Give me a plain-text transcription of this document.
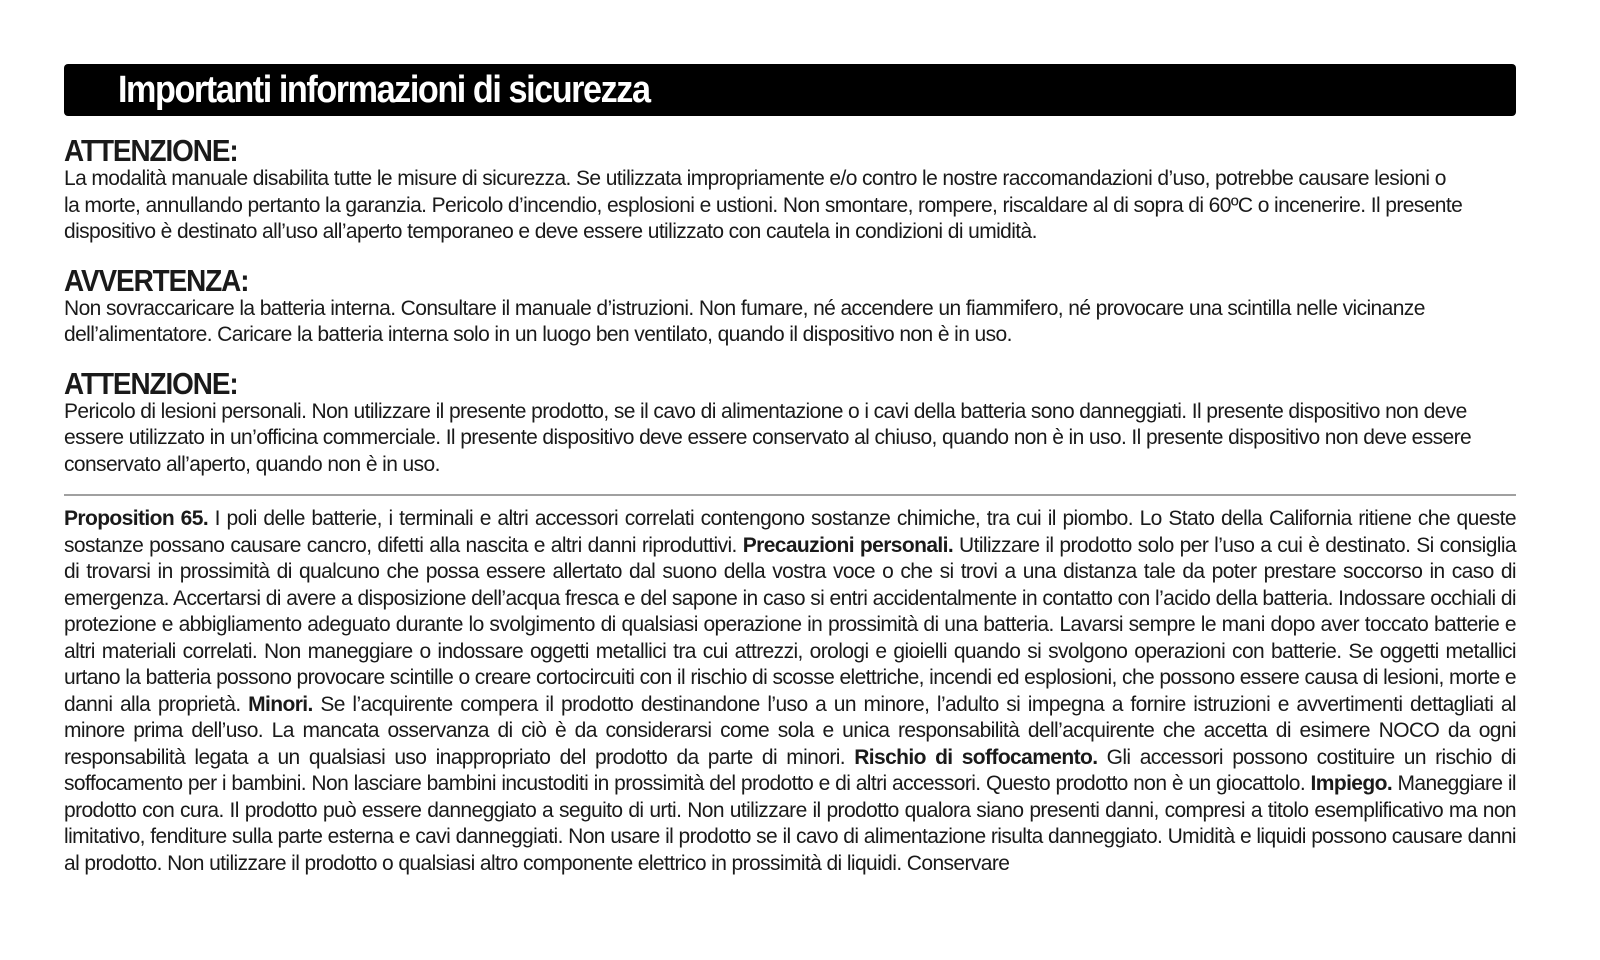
Importanti informazioni di sicurezza
ATTENZIONE:

La modalità manuale disabilita tutte le misure di sicurezza. Se utilizzata impropriamente e/o contro le nostre raccomandazioni d’uso, potrebbe causare lesioni o
la morte, annullando pertanto la garanzia. Pericolo d’incendio, esplosioni e ustioni. Non smontare, rompere, riscaldare al di sopra di 60ºC o incenerire. Il presente
dispositivo è destinato all’uso all’aperto temporaneo e deve essere utilizzato con cautela in condizioni di umidità.

AVVERTENZA:

Non sovraccaricare la batteria interna. Consultare il manuale d’istruzioni. Non fumare, né accendere un fiammifero, né provocare una scintilla nelle vicinanze
dell’alimentatore. Caricare la batteria interna solo in un luogo ben ventilato, quando il dispositivo non è in uso.

ATTENZIONE:

Pericolo di lesioni personali. Non utilizzare il presente prodotto, se il cavo di alimentazione o i cavi della batteria sono danneggiati. Il presente dispositivo non deve
essere utilizzato in un’officina commerciale. Il presente dispositivo deve essere conservato al chiuso, quando non è in uso. Il presente dispositivo non deve essere
conservato all’aperto, quando non è in uso.

Proposition 65. I poli delle batterie, i terminali e altri accessori correlati contengono sostanze chimiche, tra cui il piombo. Lo Stato della California ritiene che queste sostanze possano causare cancro, difetti alla nascita e altri danni riproduttivi. Precauzioni personali. Utilizzare il prodotto solo per l’uso a cui è destinato. Si consiglia di trovarsi in prossimità di qualcuno che possa essere allertato dal suono della vostra voce o che si trovi a una distanza tale da poter prestare soccorso in caso di emergenza. Accertarsi di avere a disposizione dell’acqua fresca e del sapone in caso si entri accidentalmente in contatto con l’acido della batteria. Indossare occhiali di protezione e abbigliamento adeguato durante lo svolgimento di qualsiasi operazione in prossimità di una batteria. Lavarsi sempre le mani dopo aver toccato batterie e altri materiali correlati. Non maneggiare o indossare oggetti metallici tra cui attrezzi, orologi e gioielli quando si svolgono operazioni con batterie. Se oggetti metallici urtano la batteria possono provocare scintille o creare cortocircuiti con il rischio di scosse elettriche, incendi ed esplosioni, che possono essere causa di lesioni, morte e danni alla proprietà. Minori. Se l’acquirente compera il prodotto destinandone l’uso a un minore, l’adulto si impegna a fornire istruzioni e avvertimenti dettagliati al minore prima dell’uso. La mancata osservanza di ciò è da considerarsi come sola e unica responsabilità dell’acquirente che accetta di esimere NOCO da ogni responsabilità legata a un qualsiasi uso inappropriato del prodotto da parte di minori. Rischio di soffocamento. Gli accessori possono costituire un rischio di soffocamento per i bambini. Non lasciare bambini incustoditi in prossimità del prodotto e di altri accessori. Questo prodotto non è un giocattolo. Impiego. Maneggiare il prodotto con cura. Il prodotto può essere danneggiato a seguito di urti. Non utilizzare il prodotto qualora siano presenti danni, compresi a titolo esemplificativo ma non limitativo, fenditure sulla parte esterna e cavi danneggiati. Non usare il prodotto se il cavo di alimentazione risulta danneggiato. Umidità e liquidi possono causare danni al prodotto. Non utilizzare il prodotto o qualsiasi altro componente elettrico in prossimità di liquidi. Conservare
